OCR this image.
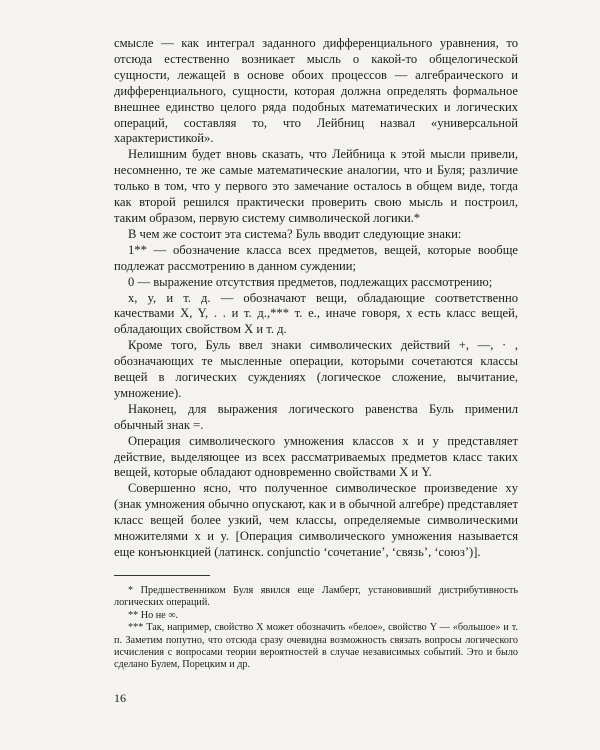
смысле — как интеграл заданного дифференциального уравнения, то отсюда естественно возникает мысль о какой-то общелогической сущности, лежащей в основе обоих процессов — алгебраического и дифференциального, сущности, которая должна определять формальное внешнее единство целого ряда подобных математических и логических операций, составляя то, что Лейбниц назвал «универсальной характеристикой».

Нелишним будет вновь сказать, что Лейбница к этой мысли привели, несомненно, те же самые математические аналогии, что и Буля; различие только в том, что у первого это замечание осталось в общем виде, тогда как второй решился практически проверить свою мысль и построил, таким образом, первую систему символической логики.*

В чем же состоит эта система? Буль вводит следующие знаки:

1** — обозначение класса всех предметов, вещей, которые вообще подлежат рассмотрению в данном суждении;

0 — выражение отсутствия предметов, подлежащих рассмотрению;

x, y, и т. д. — обозначают вещи, обладающие соответственно качествами X, Y, . . и т. д.,*** т. е., иначе говоря, x есть класс вещей, обладающих свойством X и т. д.

Кроме того, Буль ввел знаки символических действий +, —, · , обозначающих те мысленные операции, которыми сочетаются классы вещей в логических суждениях (логическое сложение, вычитание, умножение).

Наконец, для выражения логического равенства Буль применил обычный знак =.

Операция символического умножения классов x и y представляет действие, выделяющее из всех рассматриваемых предметов класс таких вещей, которые обладают одновременно свойствами X и Y.

Совершенно ясно, что полученное символическое произведение xy (знак умножения обычно опускают, как и в обычной алгебре) представляет класс вещей более узкий, чем классы, определяемые символическими множителями x и y. [Операция символического умножения называется еще конъюнкцией (латинск. conjunctio ‘сочетание’, ‘связь’, ‘союз’)].

* Предшественником Буля явился еще Ламберт, установивший дистрибутивность логических операций.

** Но не ∞.

*** Так, например, свойство X может обозначить «белое», свойство Y — «большое» и т. п. Заметим попутно, что отсюда сразу очевидна возможность связать вопросы логического исчисления с вопросами теории вероятностей в случае независимых событий. Это и было сделано Булем, Порецким и др.

16
